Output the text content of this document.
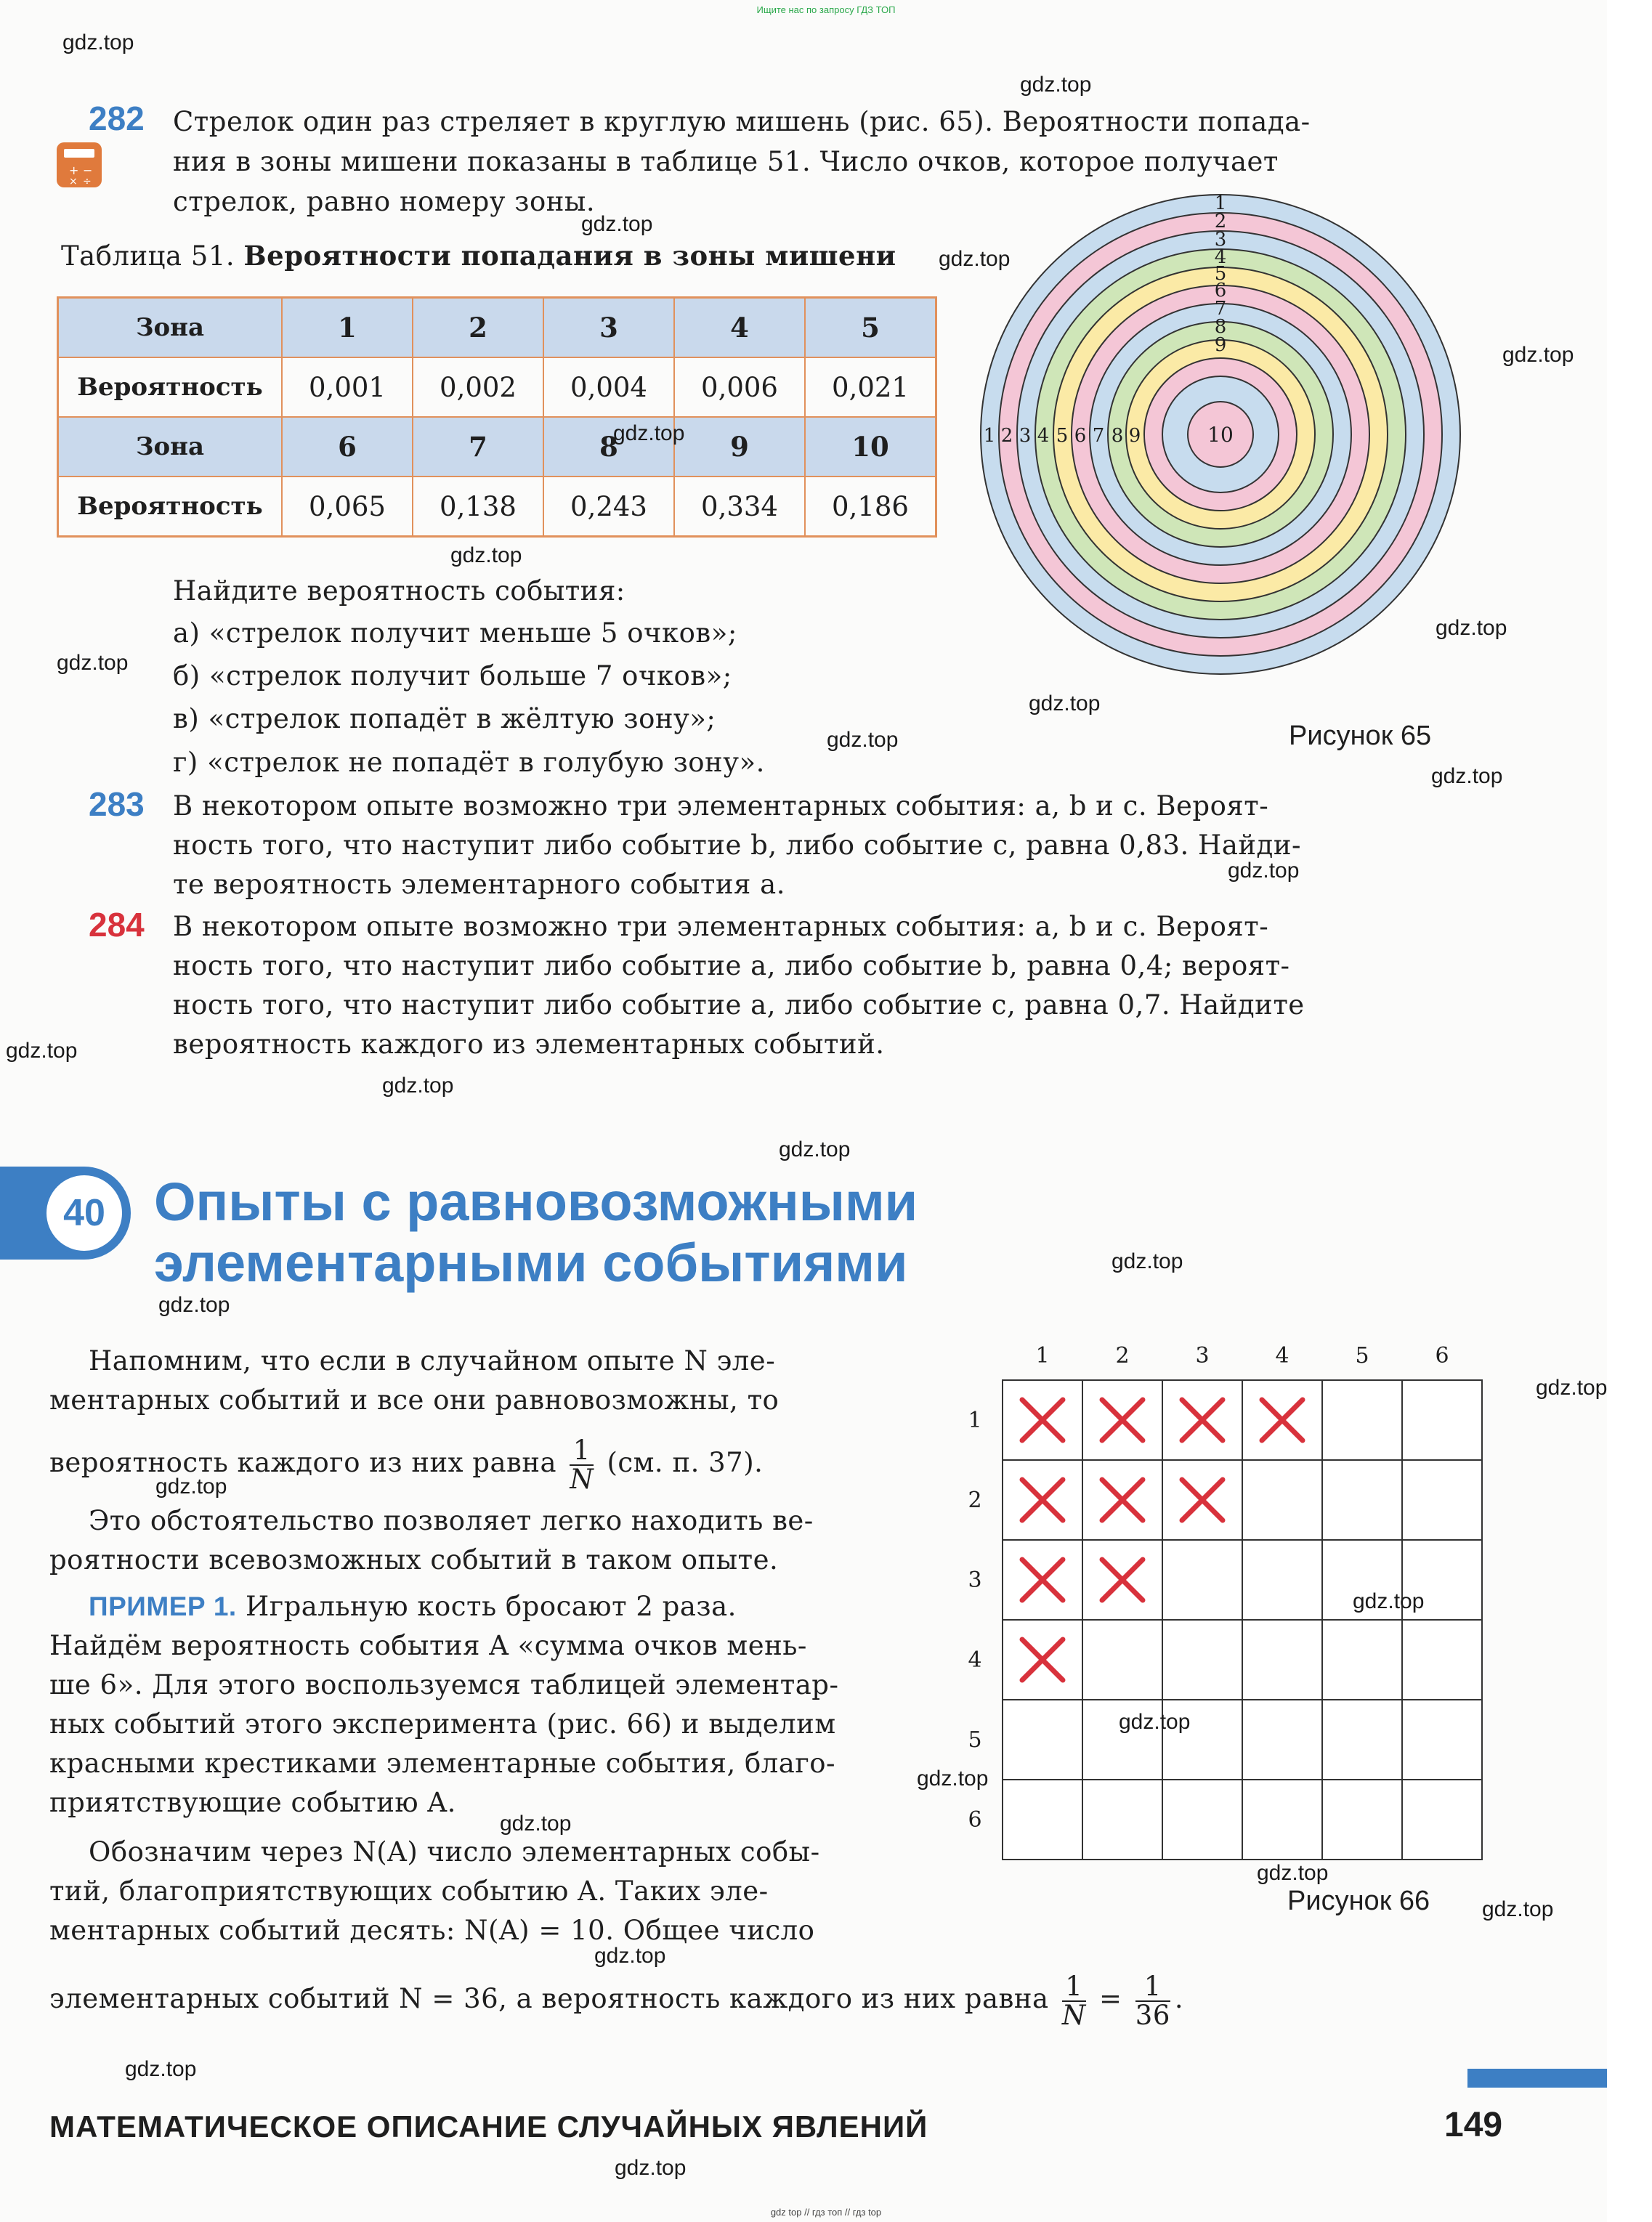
Ищите нас по запросу ГДЗ ТОП
282
+ −
× ÷
Стрелок один раз стреляет в круглую мишень (рис. 65). Вероятности попада-
ния в зоны мишени показаны в таблице 51. Число очков, которое получает
стрелок, равно номеру зоны.
Таблица 51. Вероятности попадания в зоны мишени
Зона	1	2	3	4	5
Вероятность	0,001	0,002	0,004	0,006	0,021
Зона	6	7	8	9	10
Вероятность	0,065	0,138	0,243	0,334	0,186
Найдите вероятность события:
а) «стрелок получит меньше 5 очков»;
б) «стрелок получит больше 7 очков»;
в) «стрелок попадёт в жёлтую зону»;
г) «стрелок не попадёт в голубую зону».
1
2
3
4
5
6
7
8
9
1 2 3 4 5 6 7 8 9	10
Рисунок 65
283 В некотором опыте возможно три элементарных события: a, b и c. Вероят-
ность того, что наступит либо событие b, либо событие c, равна 0,83. Найди-
те вероятность элементарного события a.
284 В некотором опыте возможно три элементарных события: a, b и c. Вероят-
ность того, что наступит либо событие a, либо событие b, равна 0,4; вероят-
ность того, что наступит либо событие a, либо событие c, равна 0,7. Найдите
вероятность каждого из элементарных событий.
40 Опыты с равновозможными
элементарными событиями
Напомним, что если в случайном опыте N эле-
ментарных событий и все они равновозможны, то
вероятность каждого из них равна $\frac{1}{N} (см$. п. 37).
Это обстоятельство позволяет легко находить ве-
роятности всевозможных событий в таком опыте.
ПРИМЕР 1. Игральную кость бросают 2 раза.
Найдём вероятность события A «сумма очков мень-
ше 6». Для этого воспользуемся таблицей элементар-
ных событий этого эксперимента (рис. 66) и выделим
красными крестиками элементарные события, благо-
приятствующие событию A.
Обозначим через N(A) число элементарных собы-
тий, благоприятствующих событию A. Таких эле-
ментарных событий десять: N(A) = 10. Общее число
элементарных событий N = 36, а вероятность каждого из них равна $\frac{1}{N} = \frac{1}{36}$ .
1	2	3	4	5	6
1
2
3
4
5
6
Рисунок 66
МАТЕМАТИЧЕСКОЕ ОПИСАНИЕ СЛУЧАЙНЫХ ЯВЛЕНИЙ	149
gdz.top
gdz.top
gdz.top
gdz.top
gdz.top
gdz.top
gdz.top
gdz.top
gdz.top
gdz.top
gdz.top
gdz.top
gdz.top
gdz.top
gdz.top
gdz.top
gdz.top
gdz.top
gdz.top
gdz.top
gdz.top
gdz.top
gdz.top
gdz.top
gdz.top
gdz.top
gdz.top
gdz.top
gdz.top
gdz top // гдз топ // гдз top
